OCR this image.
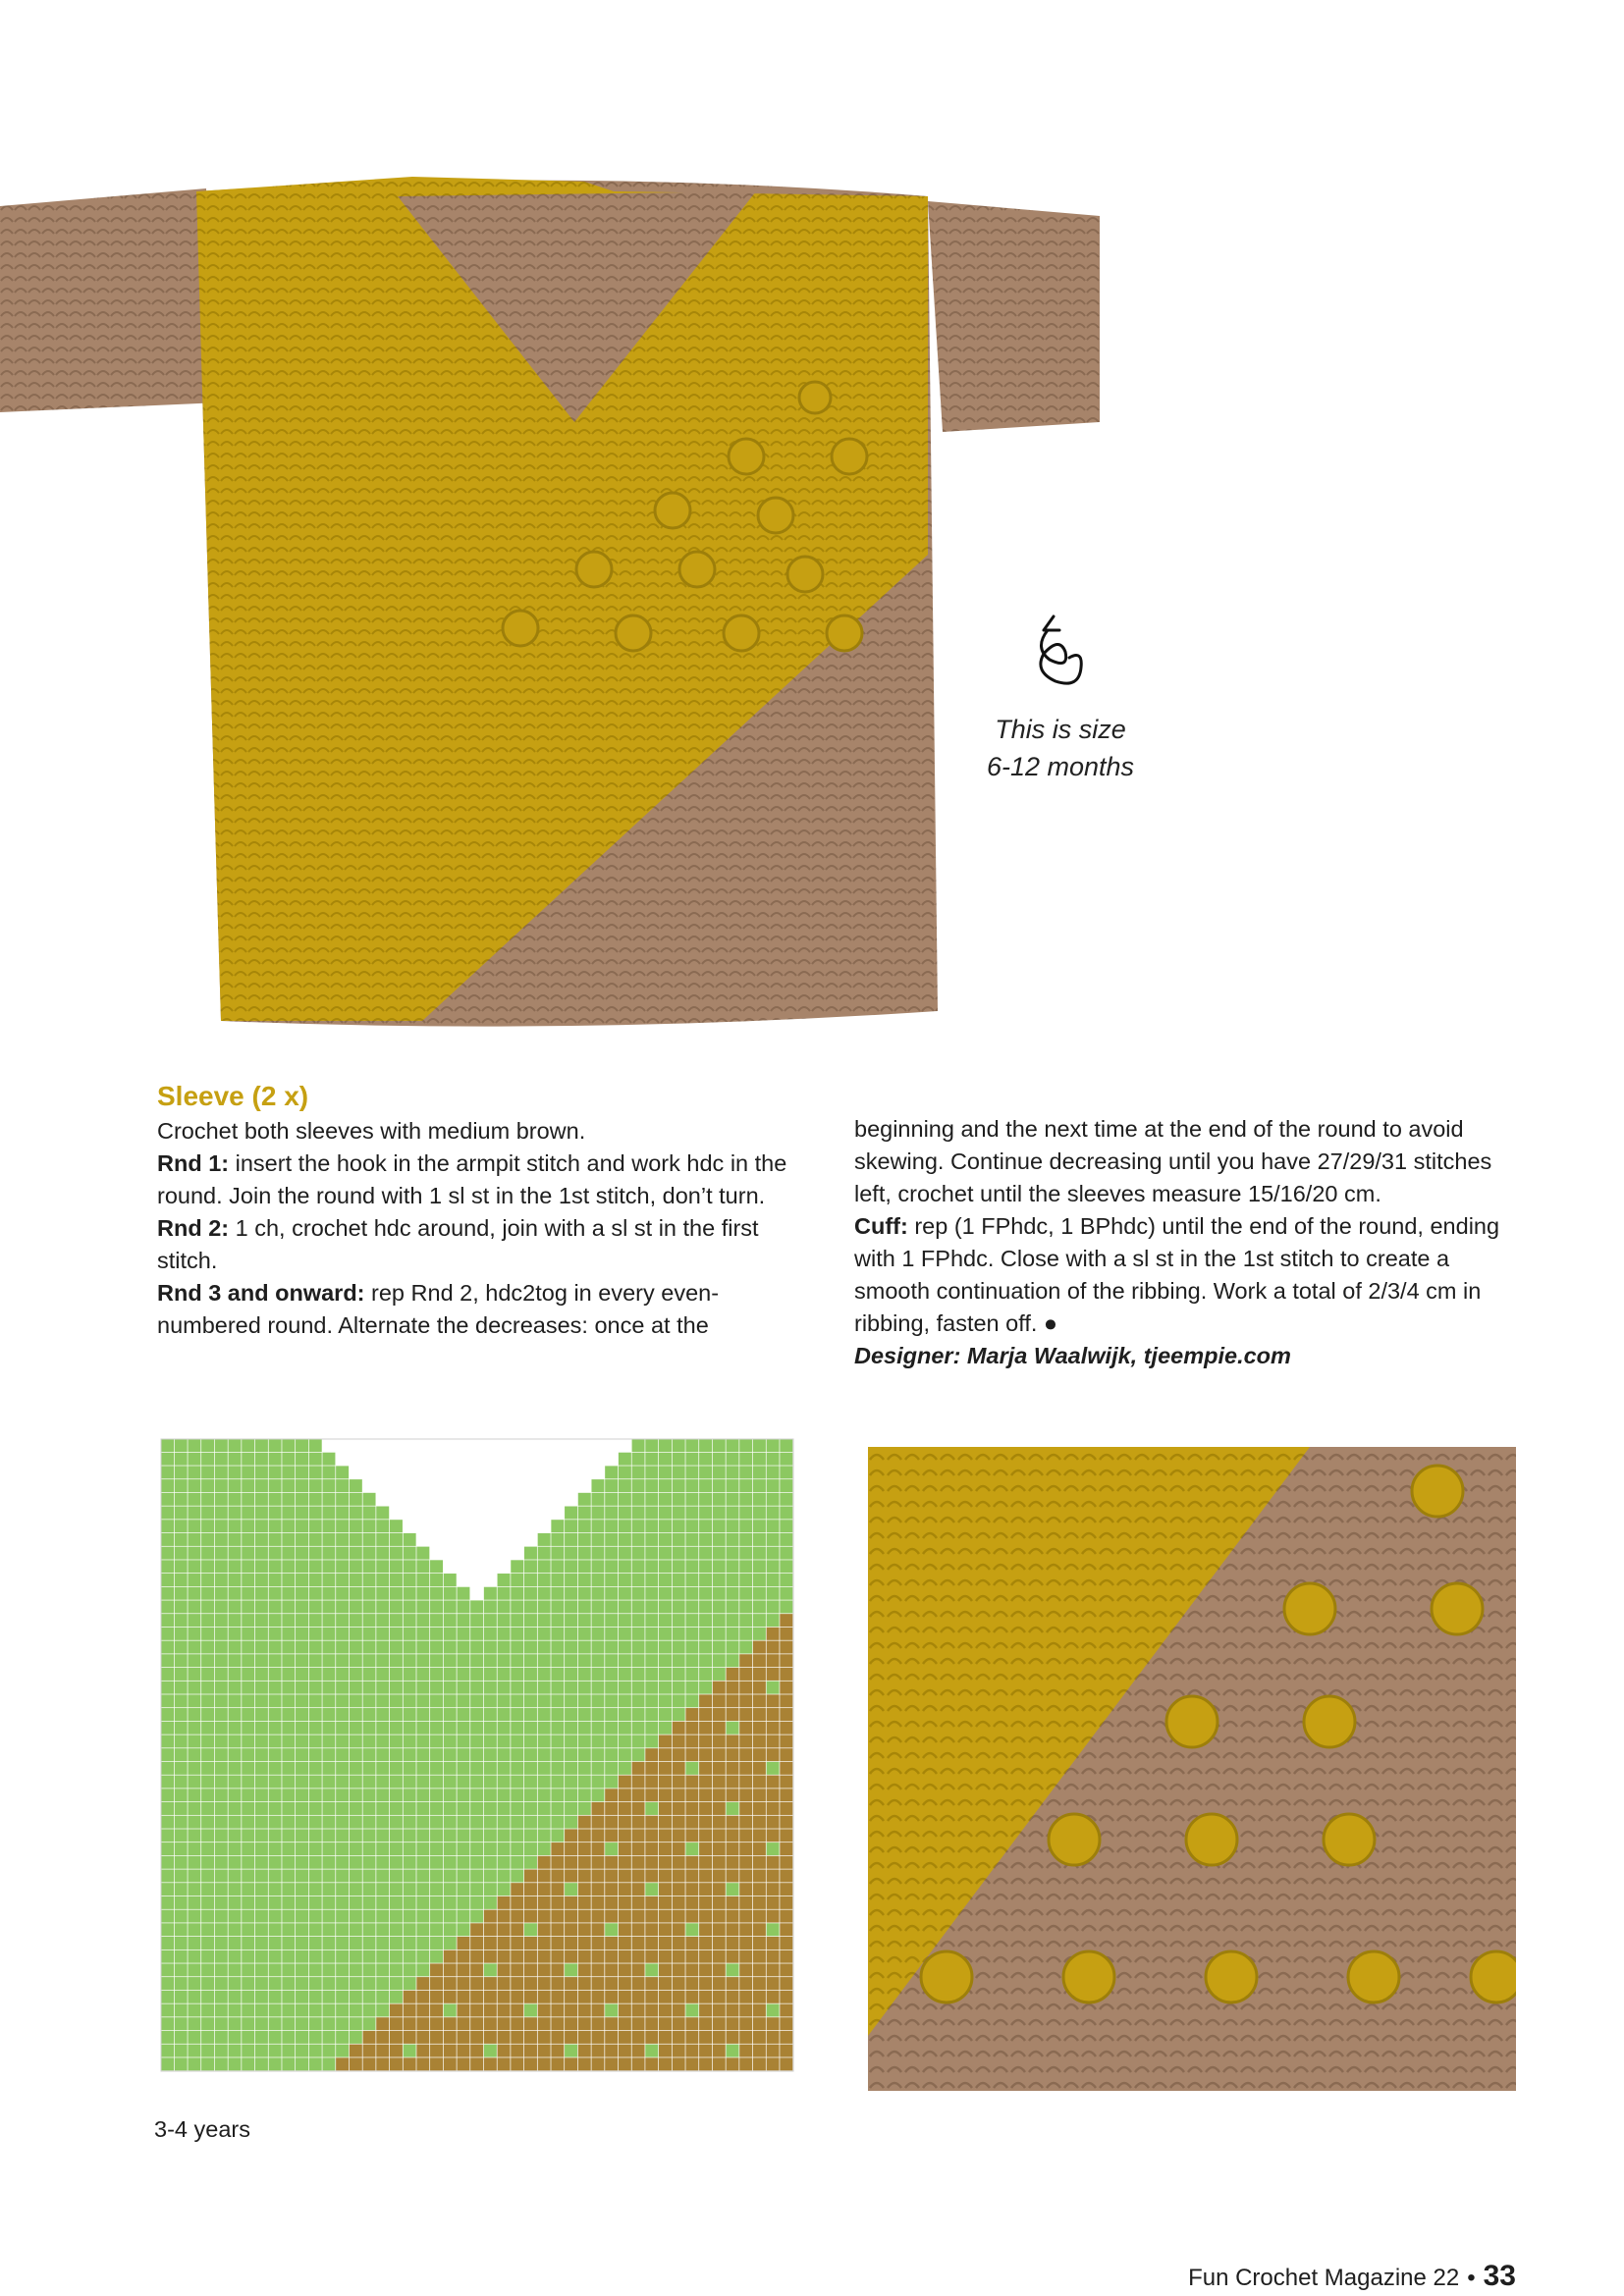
This is size

6-12 months

Sleeve (2 x)

Crochet both sleeves with medium brown.

Rnd 1: insert the hook in the armpit stitch and work hdc in the round. Join the round with 1 sl st in the 1st stitch, don’t turn.

Rnd 2: 1 ch, crochet hdc around, join with a sl st in the first stitch.

Rnd 3 and onward: rep Rnd 2, hdc2tog in every even-numbered round. Alternate the decreases: once at the

beginning and the next time at the end of the round to avoid skewing. Continue decreasing until you have 27/29/31 stitches left, crochet until the sleeves measure 15/16/20 cm.

Cuff: rep (1 FPhdc, 1 BPhdc) until the end of the round, ending with 1 FPhdc. Close with a sl st in the 1st stitch to create a smooth continuation of the ribbing. Work a total of 2/3/4 cm in ribbing, fasten off. ●

Designer: Marja Waalwijk, tjeempie.com

3-4 years
Fun Crochet Magazine 22 • 33
